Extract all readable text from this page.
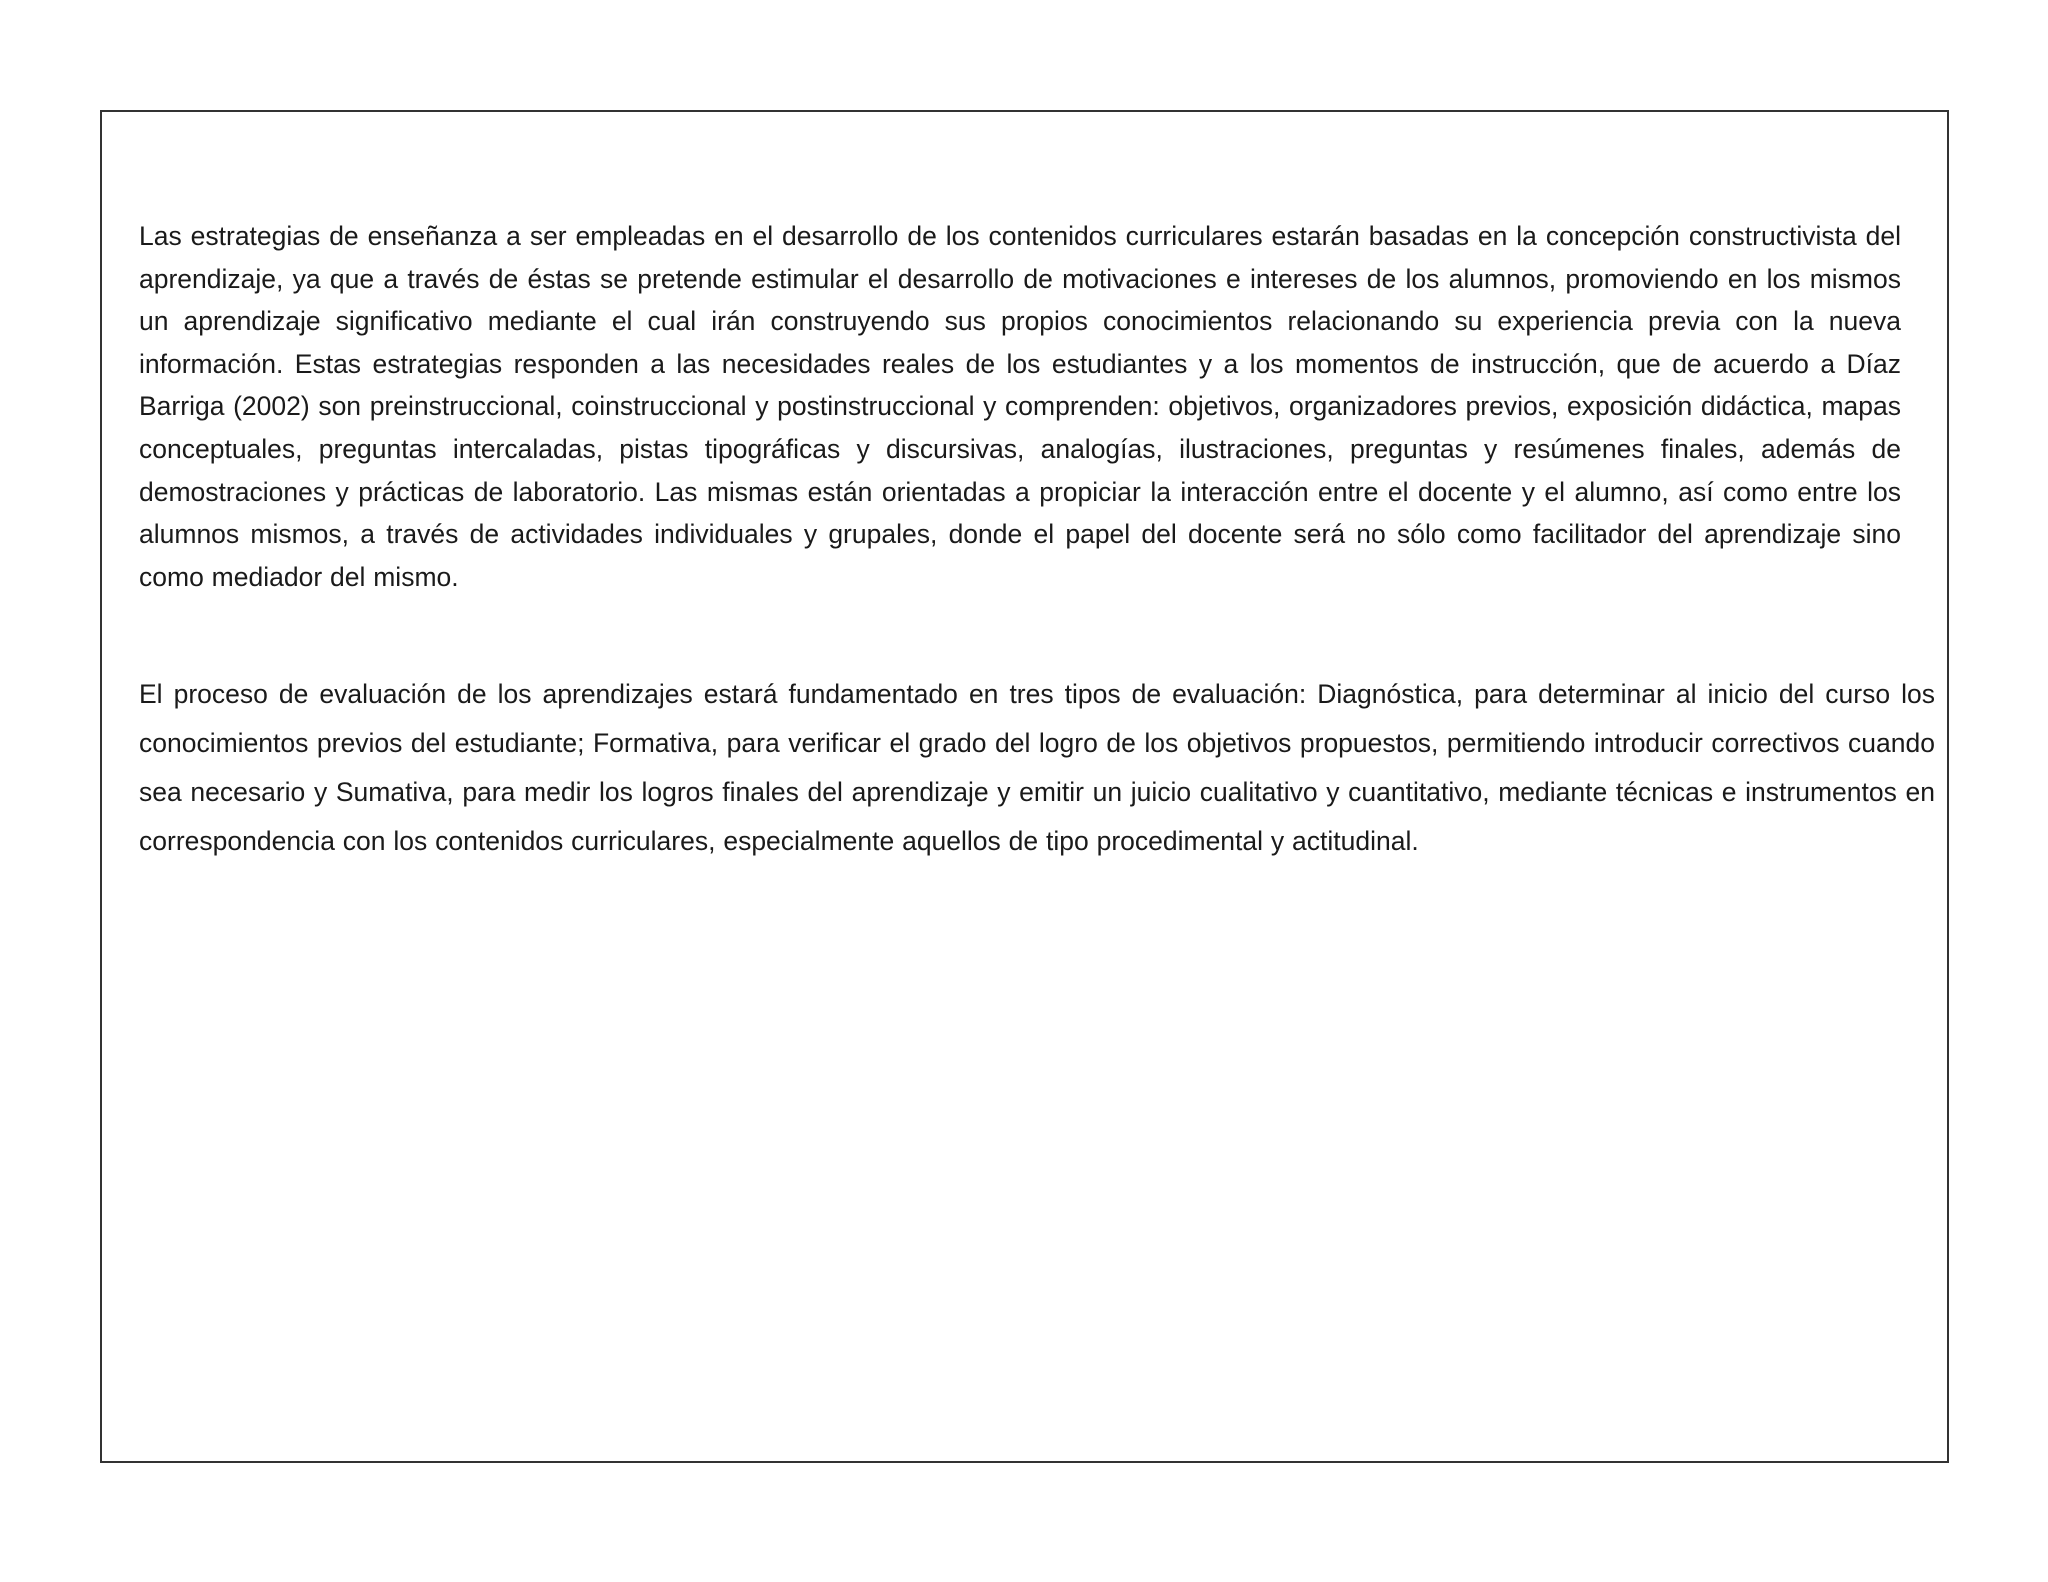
Las estrategias de enseñanza a ser empleadas en el desarrollo de los contenidos curriculares estarán basadas en la concepción constructivista del aprendizaje, ya que a través de éstas se pretende estimular el desarrollo de motivaciones e intereses de los alumnos, promoviendo en los mismos un aprendizaje significativo mediante el cual irán construyendo sus propios conocimientos relacionando su experiencia previa con la nueva información. Estas estrategias responden a las necesidades reales de los estudiantes y a los momentos de instrucción, que de acuerdo a Díaz Barriga (2002) son preinstruccional, coinstruccional y postinstruccional y comprenden: objetivos, organizadores previos, exposición didáctica, mapas conceptuales, preguntas intercaladas, pistas tipográficas y discursivas, analogías, ilustraciones, preguntas y resúmenes finales, además de demostraciones y prácticas de laboratorio. Las mismas están orientadas a propiciar la interacción entre el docente y el alumno, así como entre los alumnos mismos, a través de actividades individuales y grupales, donde el papel del docente será no sólo como facilitador del aprendizaje sino como mediador del mismo.

El proceso de evaluación de los aprendizajes estará fundamentado en tres tipos de evaluación: Diagnóstica, para determinar al inicio del curso los conocimientos previos del estudiante; Formativa, para verificar el grado del logro de los objetivos propuestos, permitiendo introducir correctivos cuando sea necesario y Sumativa, para medir los logros finales del aprendizaje y emitir un juicio cualitativo y cuantitativo, mediante técnicas e instrumentos en correspondencia con los contenidos curriculares, especialmente aquellos de tipo procedimental y actitudinal.
